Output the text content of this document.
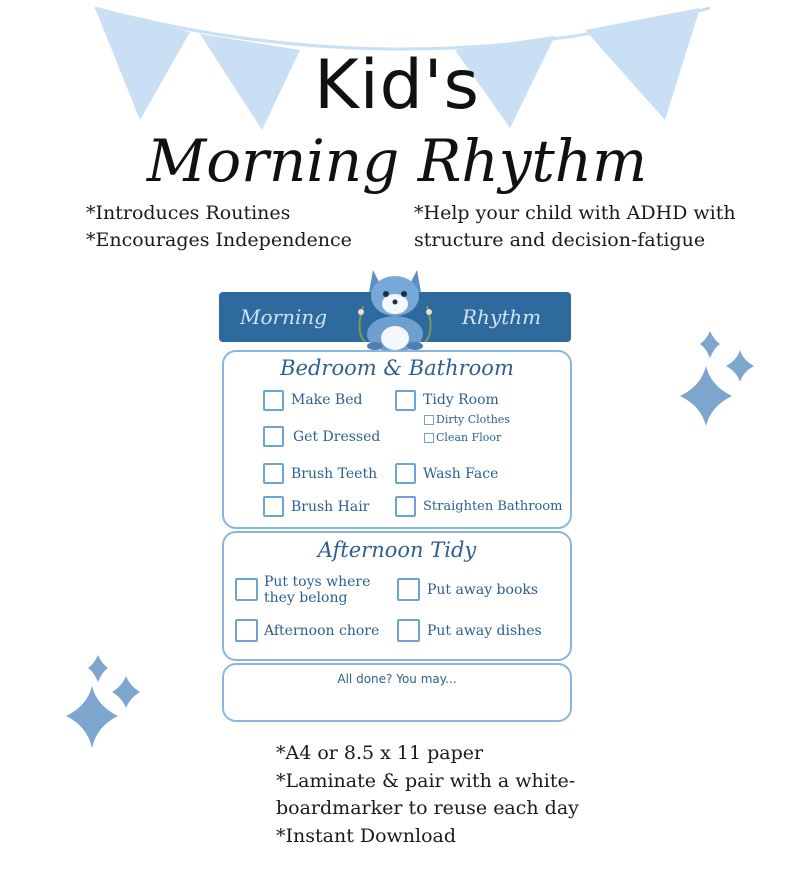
Kid's
Morning Rhythm
*Introduces Routines
*Encourages Independence
*Help your child with ADHD with
structure and decision-fatigue
Morning	Rhythm
Bedroom & Bathroom
Make Bed	Tidy Room
Dirty Clothes
Clean Floor
Get Dressed
Brush Teeth	Wash Face
Brush Hair	Straighten Bathroom
Afternoon Tidy
Put toys where
they belong	Put away books
Afternoon chore	Put away dishes
All done? You may...
*A4 or 8.5 x 11 paper
*Laminate & pair with a white-
boardmarker to reuse each day
*Instant Download
